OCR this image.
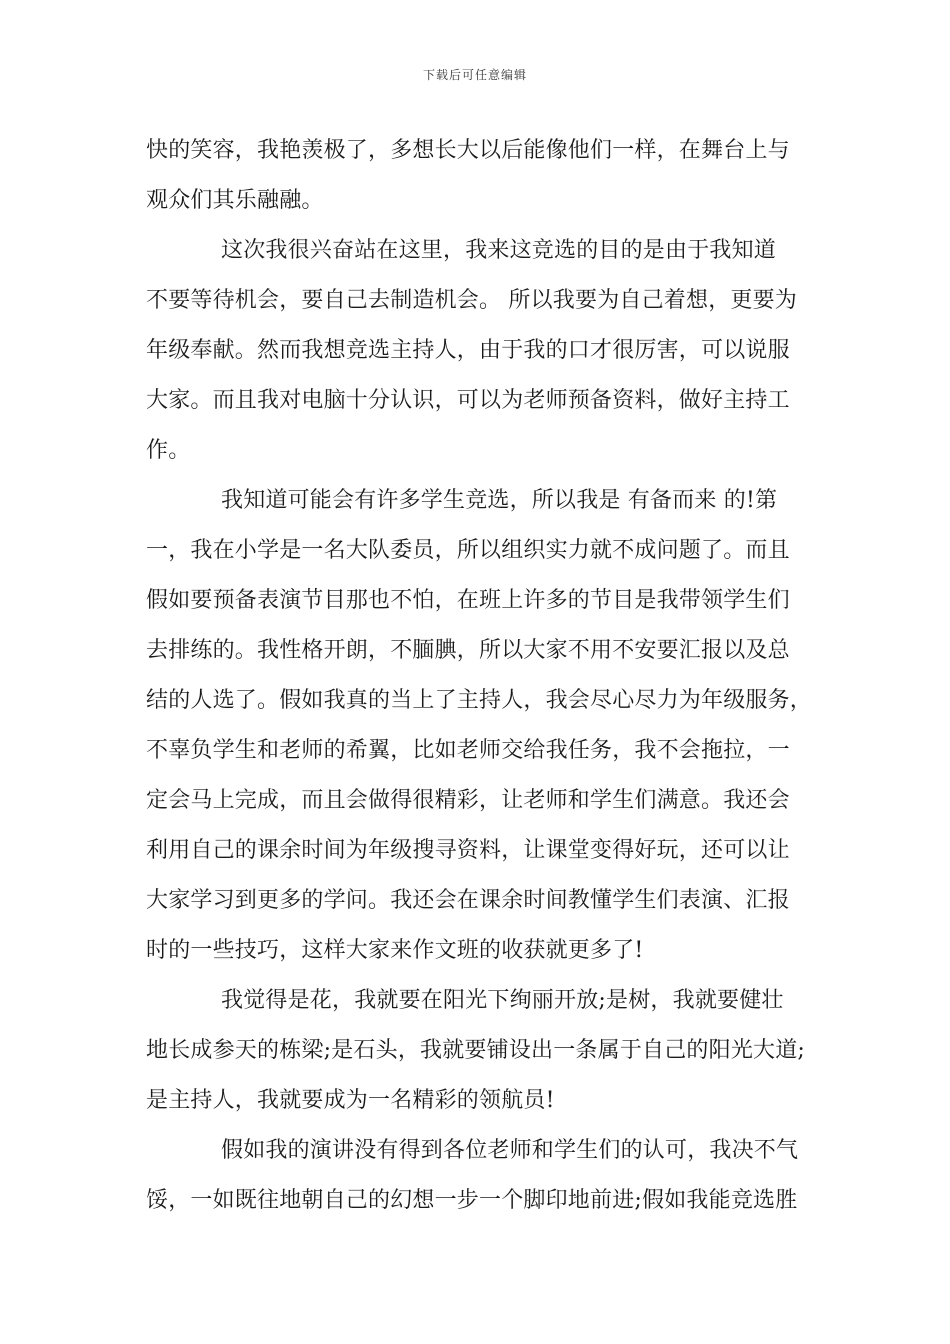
下载后可任意编辑
快的笑容，我艳羡极了，多想长大以后能像他们一样，在舞台上与
观众们其乐融融。
这次我很兴奋站在这里，我来这竞选的目的是由于我知道
不要等待机会，要自己去制造机会。 所以我要为自己着想，更要为
年级奉献。然而我想竞选主持人，由于我的口才很厉害，可以说服
大家。而且我对电脑十分认识，可以为老师预备资料，做好主持工
作。
我知道可能会有许多学生竞选，所以我是 有备而来 的!第
一，我在小学是一名大队委员，所以组织实力就不成问题了。而且
假如要预备表演节目那也不怕，在班上许多的节目是我带领学生们
去排练的。我性格开朗，不腼腆，所以大家不用不安要汇报以及总
结的人选了。假如我真的当上了主持人，我会尽心尽力为年级服务，
不辜负学生和老师的希翼，比如老师交给我任务，我不会拖拉，一
定会马上完成，而且会做得很精彩，让老师和学生们满意。我还会
利用自己的课余时间为年级搜寻资料，让课堂变得好玩，还可以让
大家学习到更多的学问。我还会在课余时间教懂学生们表演、汇报
时的一些技巧，这样大家来作文班的收获就更多了!
我觉得是花，我就要在阳光下绚丽开放;是树，我就要健壮
地长成参天的栋梁;是石头，我就要铺设出一条属于自己的阳光大道;
是主持人，我就要成为一名精彩的领航员!
假如我的演讲没有得到各位老师和学生们的认可，我决不气
馁，一如既往地朝自己的幻想一步一个脚印地前进;假如我能竞选胜
